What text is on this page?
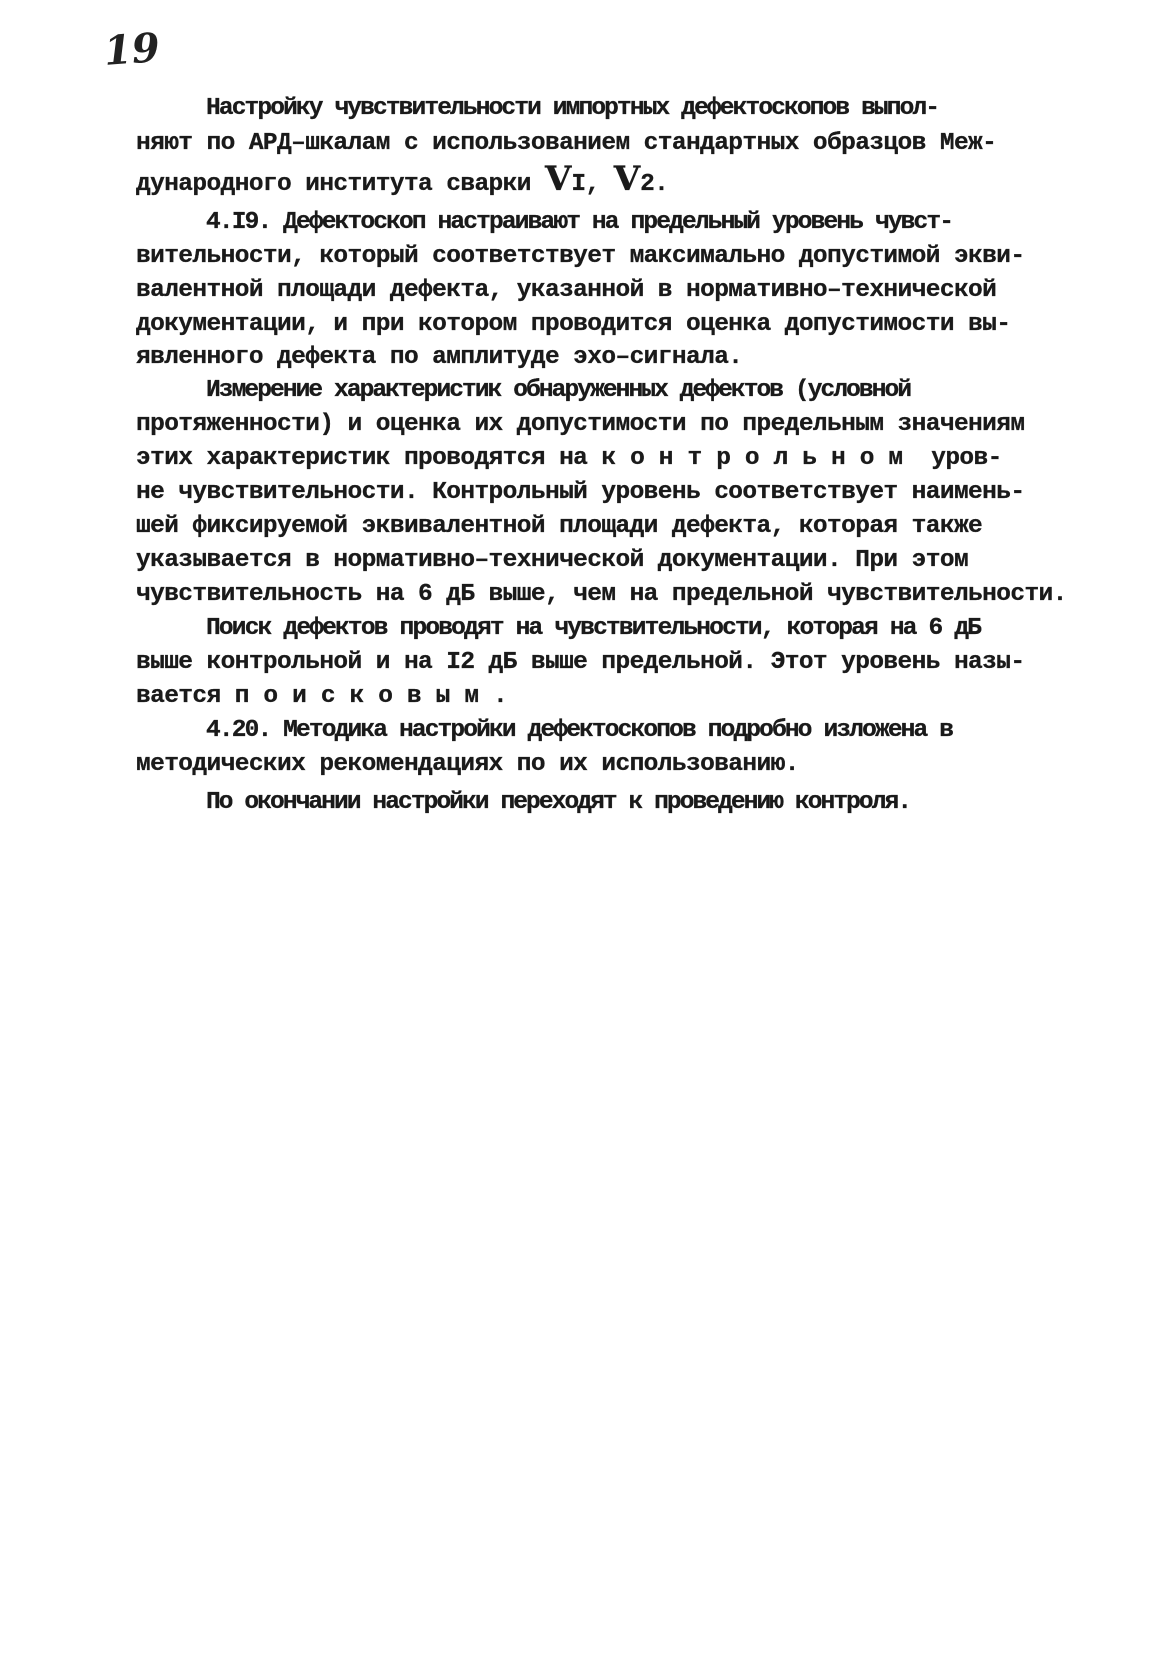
19
Настройку чувствительности импортных дефектоскопов выпол-
няют по АРД–шкалам с использованием стандартных образцов Меж-
дународного института сварки VI, V2.
4.I9. Дефектоскоп настраивают на предельный уровень чувст-
вительности, который соответствует максимально допустимой экви-
валентной площади дефекта, указанной в нормативно–технической
документации, и при котором проводится оценка допустимости вы-
явленного дефекта по амплитуде эхо–сигнала.
Измерение характеристик обнаруженных дефектов (условной
протяженности) и оценка их допустимости по предельным значениям
этих характеристик проводятся на контрольном уров-
не чувствительности. Контрольный уровень соответствует наимень-
шей фиксируемой эквивалентной площади дефекта, которая также
указывается в нормативно–технической документации. При этом
чувствительность на 6 дБ выше, чем на предельной чувствительности.
Поиск дефектов проводят на чувствительности, которая на 6 дБ
выше контрольной и на I2 дБ выше предельной. Этот уровень назы-
вается поисковым.
4.20. Методика настройки дефектоскопов подробно изложена в
методических рекомендациях по их использованию.
По окончании настройки переходят к проведению контроля.
